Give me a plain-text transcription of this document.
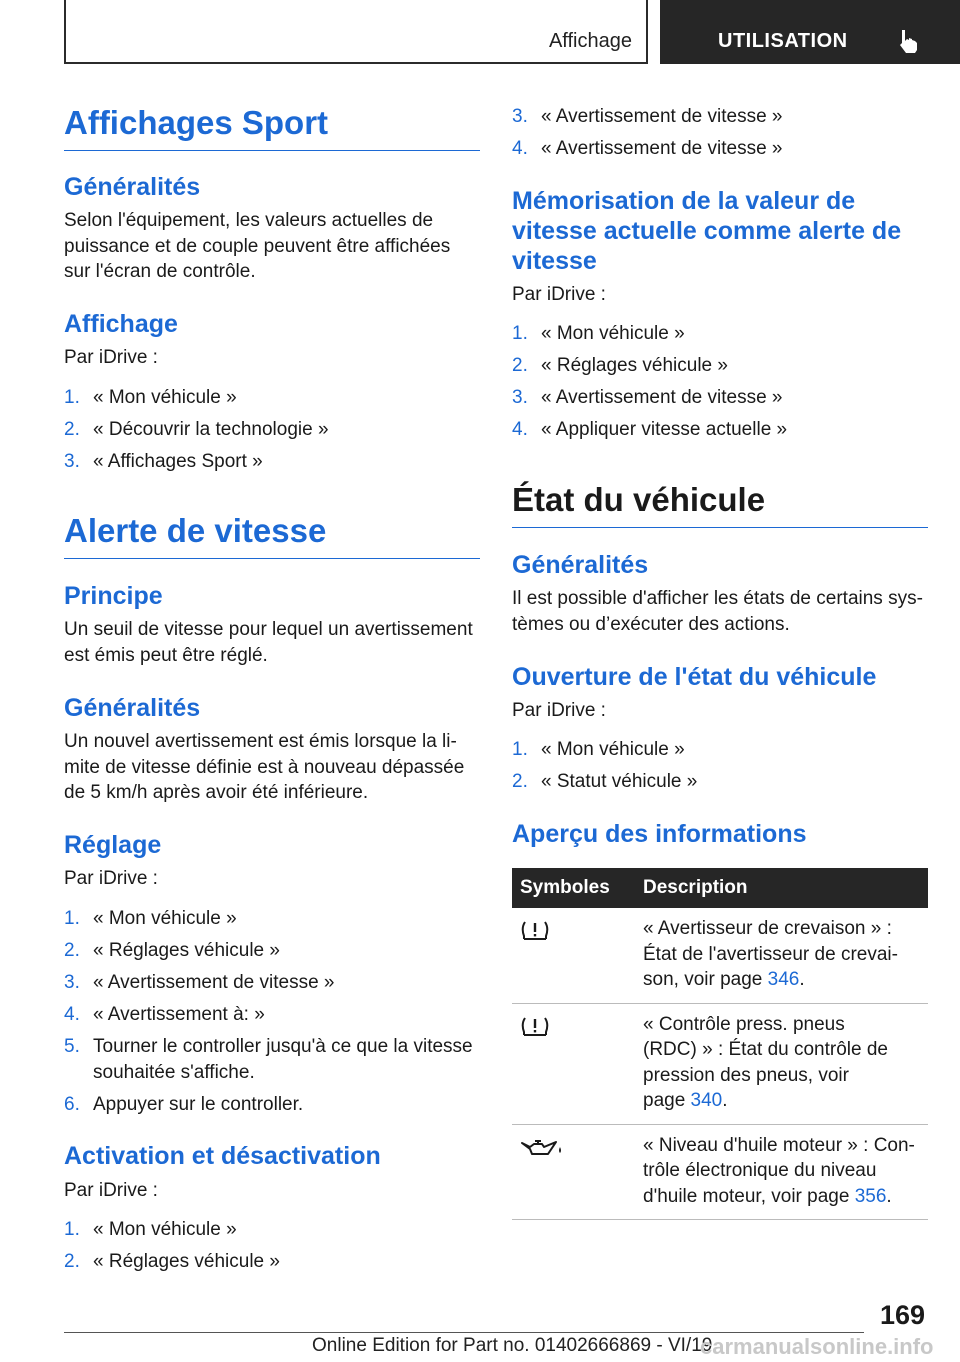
Affichage	UTILISATION
Affichages Sport
Généralités
Selon l'équipement, les valeurs actuelles de
puissance et de couple peuvent être affichées
sur l'écran de contrôle.
Affichage
Par iDrive :
1. « Mon véhicule »
2. « Découvrir la technologie »
3. « Affichages Sport »
Alerte de vitesse
Principe
Un seuil de vitesse pour lequel un avertissement
est émis peut être réglé.
Généralités
Un nouvel avertissement est émis lorsque la li‐
mite de vitesse définie est à nouveau dépassée
de 5 km/h après avoir été inférieure.
Réglage
Par iDrive :
1. « Mon véhicule »
2. « Réglages véhicule »
3. « Avertissement de vitesse »
4. « Avertissement à: »
5. Tourner le controller jusqu'à ce que la vitesse
souhaitée s'affiche.
6. Appuyer sur le controller.
Activation et désactivation
Par iDrive :
1. « Mon véhicule »
2. « Réglages véhicule »
3. « Avertissement de vitesse »
4. « Avertissement de vitesse »
Mémorisation de la valeur de
vitesse actuelle comme alerte de
vitesse
Par iDrive :
1. « Mon véhicule »
2. « Réglages véhicule »
3. « Avertissement de vitesse »
4. « Appliquer vitesse actuelle »
État du véhicule
Généralités
Il est possible d'afficher les états de certains sys‐
tèmes ou d’exécuter des actions.
Ouverture de l'état du véhicule
Par iDrive :
1. « Mon véhicule »
2. « Statut véhicule »
Aperçu des informations
Symboles Description
« Avertisseur de crevaison » :
État de l'avertisseur de crevai‐
son, voir page 346.
« Contrôle press. pneus
(RDC) » : État du contrôle de
pression des pneus, voir
page 340.
« Niveau d'huile moteur » : Con‐
trôle électronique du niveau
d'huile moteur, voir page 356.
169
Online Edition for Part no. 01402666869 - VI/19
carmanualsonline.info
